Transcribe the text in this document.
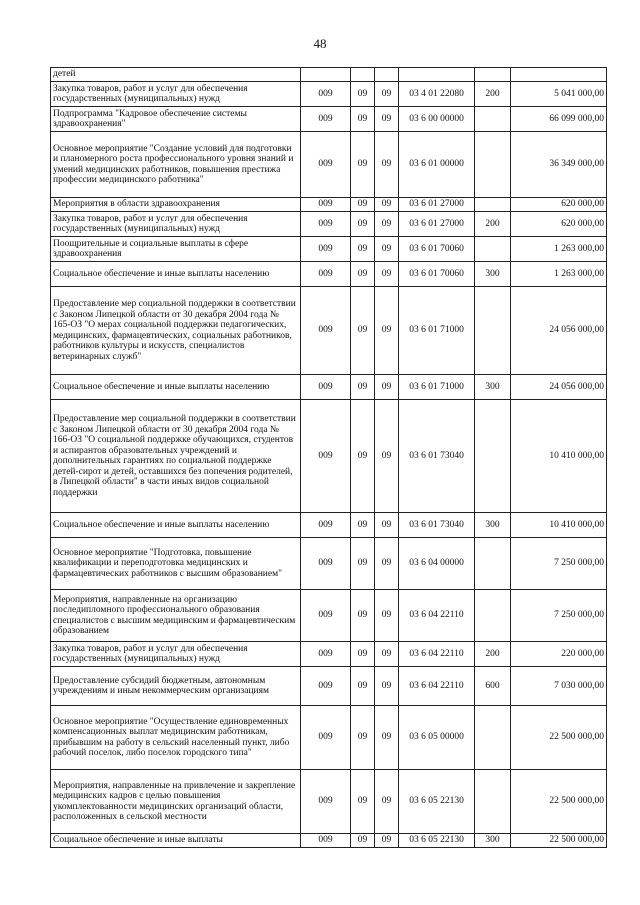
48
детей						
Закупка товаров, работ и услуг для обеспечения государственных (муниципальных) нужд	009	09	09	03 4 01 22080	200	5 041 000,00
Подпрограмма "Кадровое обеспечение системы здравоохранения"	009	09	09	03 6 00 00000		66 099 000,00
Основное мероприятие "Создание условий для подготовки и планомерного роста профессионального уровня знаний и умений медицинских работников, повышения престижа профессии медицинского работника"	009	09	09	03 6 01 00000		36 349 000,00
Мероприятия в области здравоохранения	009	09	09	03 6 01 27000		620 000,00
Закупка товаров, работ и услуг для обеспечения государственных (муниципальных) нужд	009	09	09	03 6 01 27000	200	620 000,00
Поощрительные и социальные выплаты в сфере здравоохранения	009	09	09	03 6 01 70060		1 263 000,00
Социальное обеспечение и иные выплаты населению	009	09	09	03 6 01 70060	300	1 263 000,00
Предоставление мер социальной поддержки в соответствии с Законом Липецкой области от 30 декабря 2004 года № 165-ОЗ "О мерах социальной поддержки педагогических, медицинских, фармацевтических, социальных работников, работников культуры и искусств, специалистов ветеринарных служб"	009	09	09	03 6 01 71000		24 056 000,00
Социальное обеспечение и иные выплаты населению	009	09	09	03 6 01 71000	300	24 056 000,00
Предоставление мер социальной поддержки в соответствии с Законом Липецкой области от 30 декабря 2004 года № 166-ОЗ "О социальной поддержке обучающихся, студентов и аспирантов образовательных учреждений и дополнительных гарантиях по социальной поддержке детей-сирот и детей, оставшихся без попечения родителей, в Липецкой области" в части иных видов социальной поддержки	009	09	09	03 6 01 73040		10 410 000,00
Социальное обеспечение и иные выплаты населению	009	09	09	03 6 01 73040	300	10 410 000,00
Основное мероприятие "Подготовка, повышение квалификации и переподготовка медицинских и фармацевтических работников с высшим образованием"	009	09	09	03 6 04 00000		7 250 000,00
Мероприятия, направленные на организацию последипломного профессионального образования специалистов с высшим медицинским и фармацевтическим образованием	009	09	09	03 6 04 22110		7 250 000,00
Закупка товаров, работ и услуг для обеспечения государственных (муниципальных) нужд	009	09	09	03 6 04 22110	200	220 000,00
Предоставление субсидий бюджетным, автономным учреждениям и иным некоммерческим организациям	009	09	09	03 6 04 22110	600	7 030 000,00
Основное мероприятие "Осуществление единовременных компенсационных выплат медицинским работникам, прибывшим на работу в сельский населенный пункт, либо рабочий поселок, либо поселок городского типа"	009	09	09	03 6 05 00000		22 500 000,00
Мероприятия, направленные на привлечение и закрепление медицинских кадров с целью повышения укомплектованности медицинских организаций области, расположенных в сельской местности	009	09	09	03 6 05 22130		22 500 000,00
Социальное обеспечение и иные выплаты	009	09	09	03 6 05 22130	300	22 500 000,00
